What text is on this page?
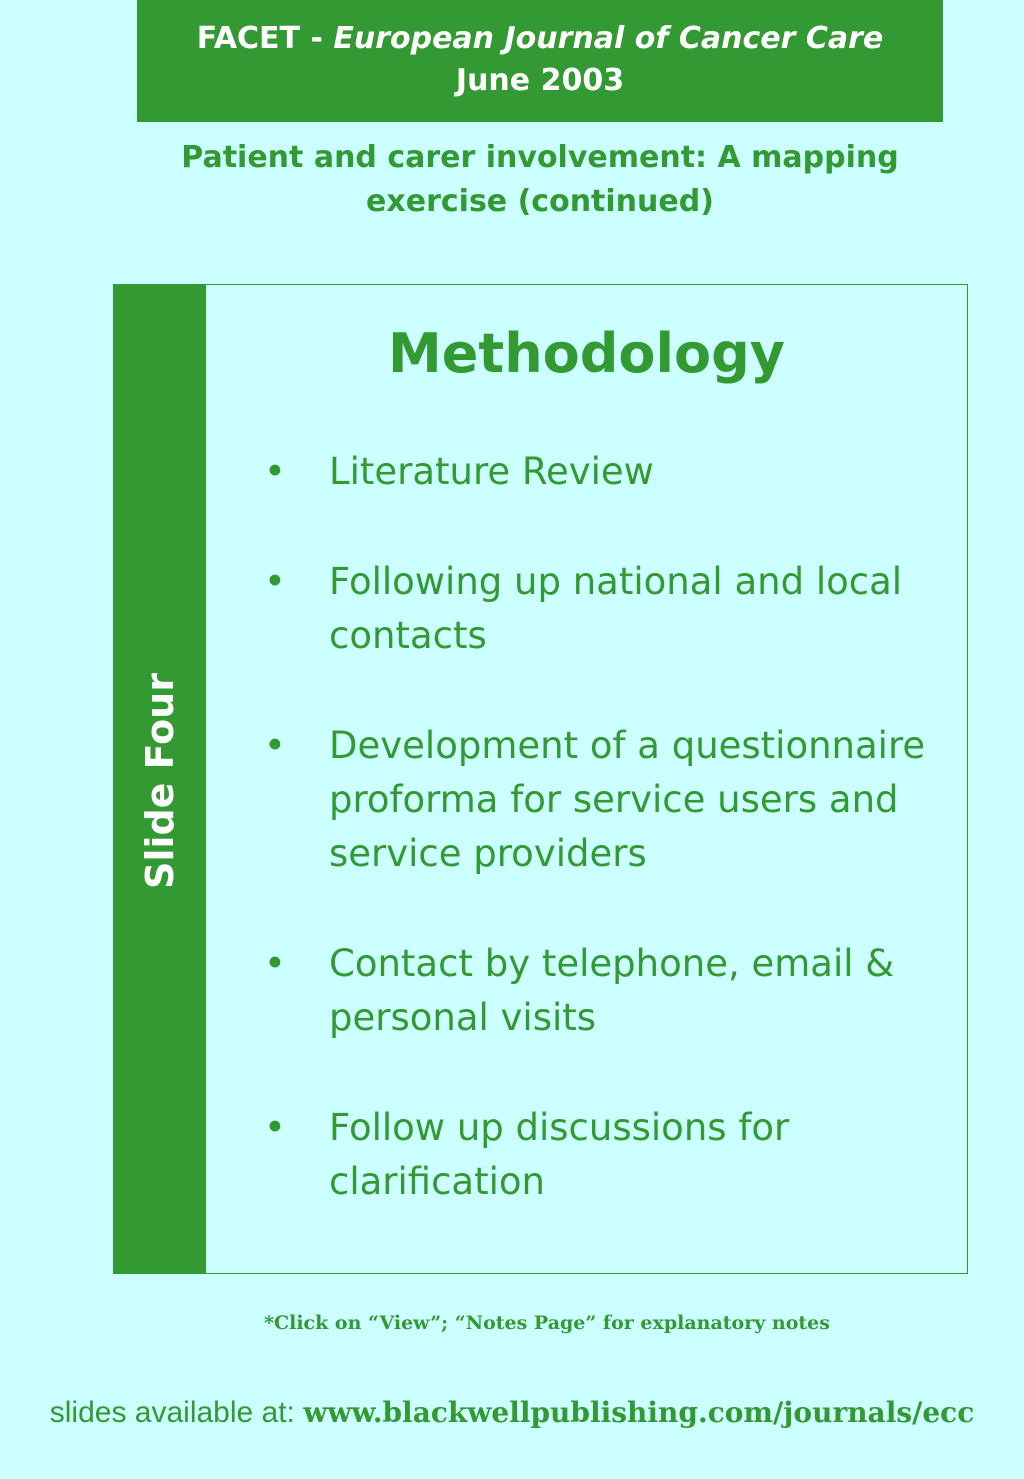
FACET - European Journal of Cancer Care
June 2003
Patient and carer involvement: A mapping
exercise (continued)
Slide Four
Methodology
• Literature Review
• Following up national and local
contacts
• Development of a questionnaire
proforma for service users and
service providers
• Contact by telephone, email &
personal visits
• Follow up discussions for
clarification
*Click on “View”; “Notes Page” for explanatory notes
slides available at: www.blackwellpublishing.com/journals/ecc
